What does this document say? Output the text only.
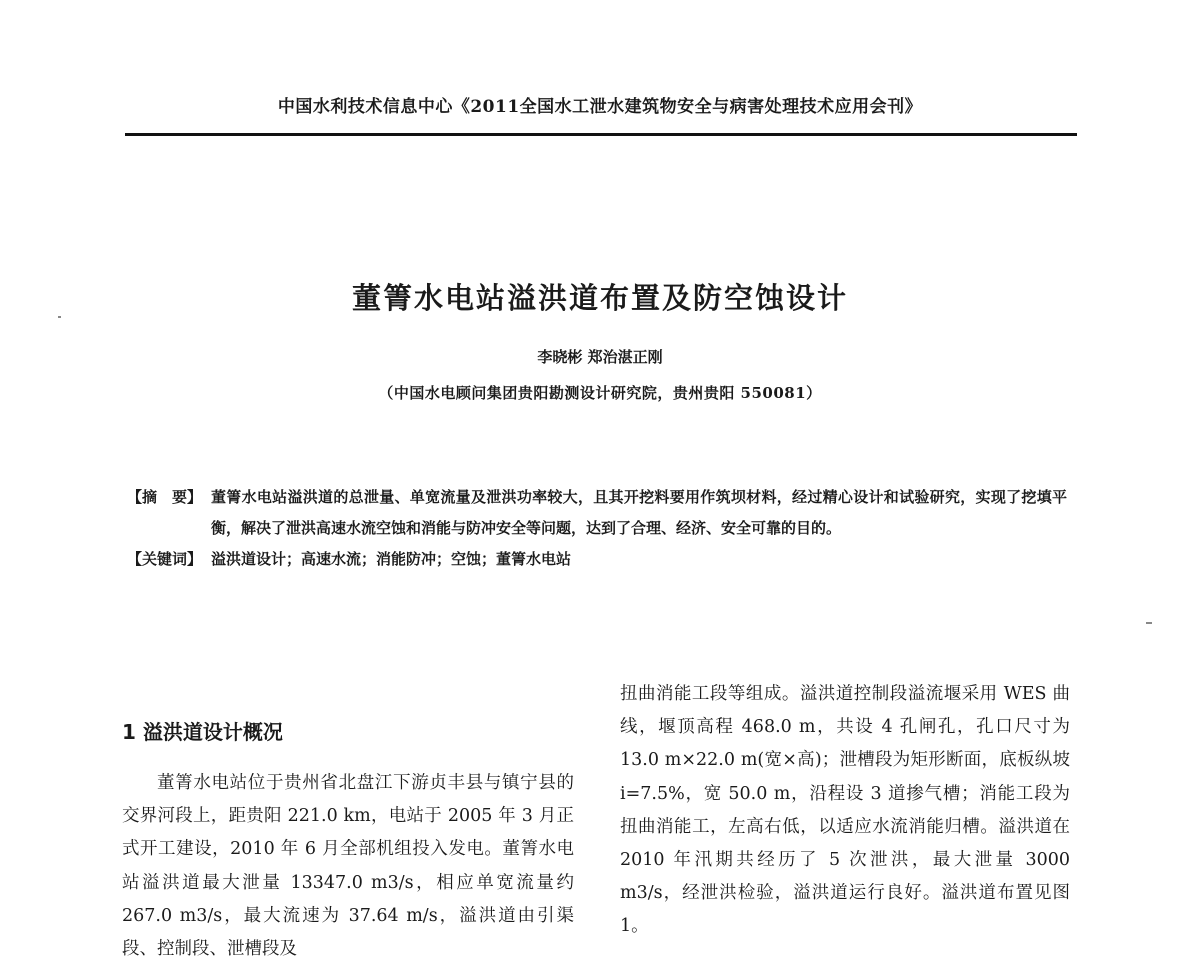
中国水利技术信息中心《2011全国水工泄水建筑物安全与病害处理技术应用会刊》
董箐水电站溢洪道布置及防空蚀设计
李晓彬 郑治湛正刚
（中国水电顾问集团贵阳勘测设计研究院，贵州贵阳 550081）
【摘　要】 董箐水电站溢洪道的总泄量、单宽流量及泄洪功率较大，且其开挖料要用作筑坝材料，经过精心设计和试验研究，实现了挖填平衡，解决了泄洪高速水流空蚀和消能与防冲安全等问题，达到了合理、经济、安全可靠的目的。
【关键词】 溢洪道设计；高速水流；消能防冲；空蚀；董箐水电站
1 溢洪道设计概况

董箐水电站位于贵州省北盘江下游贞丰县与镇宁县的交界河段上，距贵阳 221.0 km，电站于 2005 年 3 月正式开工建设，2010 年 6 月全部机组投入发电。董箐水电站溢洪道最大泄量 13347.0 m3/s，相应单宽流量约 267.0 m3/s，最大流速为 37.64 m/s，溢洪道由引渠段、控制段、泄槽段及

扭曲消能工段等组成。溢洪道控制段溢流堰采用 WES 曲线，堰顶高程 468.0 m，共设 4 孔闸孔，孔口尺寸为 13.0 m×22.0 m(宽×高)；泄槽段为矩形断面，底板纵坡 i=7.5%，宽 50.0 m，沿程设 3 道掺气槽；消能工段为扭曲消能工，左高右低，以适应水流消能归槽。溢洪道在 2010 年汛期共经历了 5 次泄洪，最大泄量 3000 m3/s，经泄洪检验，溢洪道运行良好。溢洪道布置见图 1。
